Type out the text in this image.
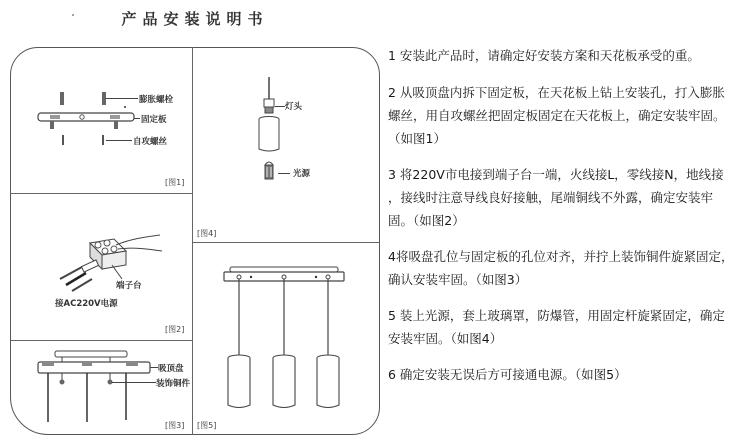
产品安装说明书
膨胀螺栓
固定板
自攻螺丝
[图1]
端子台
接AC220V电源
[图2]
吸顶盘
装饰铜件
[图3]
灯头
光源
[图4]
[图5]

1 安装此产品时，请确定好安装方案和天花板承受的重。

2 从吸顶盘内拆下固定板，在天花板上钻上安装孔，打入膨胀螺丝，用自攻螺丝把固定板固定在天花板上，确定安装牢固。（如图1）

3 将220V市电接到端子台一端，火线接L，零线接N，地线接 ，接线时注意导线良好接触，尾端铜线不外露，确定安装牢固。（如图2）

4将吸盘孔位与固定板的孔位对齐，并拧上装饰铜件旋紧固定，确认安装牢固。（如图3）

5 装上光源，套上玻璃罩，防爆管，用固定杆旋紧固定，确定安装牢固。（如图4）

6 确定安装无误后方可接通电源。（如图5）
